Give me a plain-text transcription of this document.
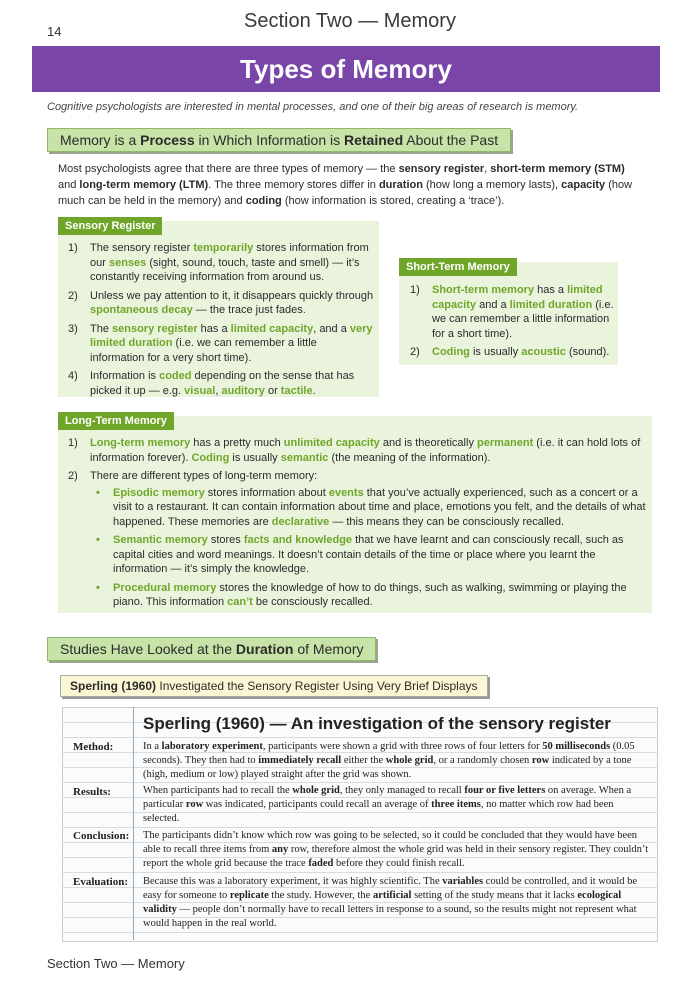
14	Section Two — Memory
Types of Memory
Cognitive psychologists are interested in mental processes, and one of their big areas of research is memory.
Memory is a Process in Which Information is Retained About the Past
Most psychologists agree that there are three types of memory — the sensory register, short-term memory (STM) and long-term memory (LTM). The three memory stores differ in duration (how long a memory lasts), capacity (how much can be held in the memory) and coding (how information is stored, creating a ‘trace’).
Sensory Register
1) The sensory register temporarily stores information from our senses (sight, sound, touch, taste and smell) — it’s constantly receiving information from around us.
2) Unless we pay attention to it, it disappears quickly through spontaneous decay — the trace just fades.
3) The sensory register has a limited capacity, and a very limited duration (i.e. we can remember a little information for a very short time).
4) Information is coded depending on the sense that has picked it up — e.g. visual, auditory or tactile.
Short-Term Memory
1) Short-term memory has a limited capacity and a limited duration (i.e. we can remember a little information for a short time).
2) Coding is usually acoustic (sound).
Long-Term Memory
1) Long-term memory has a pretty much unlimited capacity and is theoretically permanent (i.e. it can hold lots of information forever). Coding is usually semantic (the meaning of the information).
2) There are different types of long-term memory:
• Episodic memory stores information about events that you’ve actually experienced, such as a concert or a visit to a restaurant. It can contain information about time and place, emotions you felt, and the details of what happened. These memories are declarative — this means they can be consciously recalled.
• Semantic memory stores facts and knowledge that we have learnt and can consciously recall, such as capital cities and word meanings. It doesn’t contain details of the time or place where you learnt the information — it’s simply the knowledge.
• Procedural memory stores the knowledge of how to do things, such as walking, swimming or playing the piano. This information can’t be consciously recalled.
Studies Have Looked at the Duration of Memory
Sperling (1960) Investigated the Sensory Register Using Very Brief Displays
Sperling (1960) — An investigation of the sensory register
Method:	In a laboratory experiment, participants were shown a grid with three rows of four letters for 50 milliseconds (0.05 seconds). They then had to immediately recall either the whole grid, or a randomly chosen row indicated by a tone (high, medium or low) played straight after the grid was shown.
Results:	When participants had to recall the whole grid, they only managed to recall four or five letters on average. When a particular row was indicated, participants could recall an average of three items, no matter which row had been selected.
Conclusion: The participants didn’t know which row was going to be selected, so it could be concluded that they would have been able to recall three items from any row, therefore almost the whole grid was held in their sensory register. They couldn’t report the whole grid because the trace faded before they could finish recall.
Evaluation: Because this was a laboratory experiment, it was highly scientific. The variables could be controlled, and it would be easy for someone to replicate the study. However, the artificial setting of the study means that it lacks ecological validity — people don’t normally have to recall letters in response to a sound, so the results might not represent what would happen in the real world.
Section Two — Memory
